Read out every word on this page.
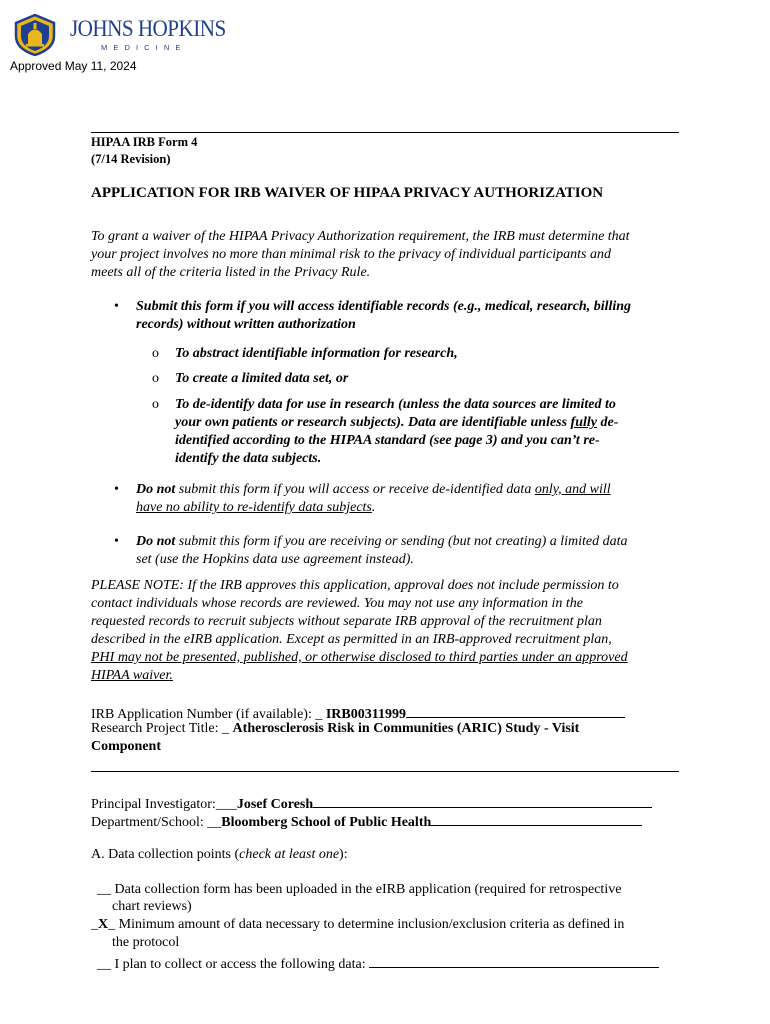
JOHNS HOPKINS
MEDICINE
Approved May 11, 2024
HIPAA IRB Form 4
(7/14 Revision)
APPLICATION FOR IRB WAIVER OF HIPAA PRIVACY AUTHORIZATION
To grant a waiver of the HIPAA Privacy Authorization requirement, the IRB must determine that
your project involves no more than minimal risk to the privacy of individual participants and
meets all of the criteria listed in the Privacy Rule.
• Submit this form if you will access identifiable records (e.g., medical, research, billing
records) without written authorization
o To abstract identifiable information for research,
o To create a limited data set, or
o To de-identify data for use in research (unless the data sources are limited to
your own patients or research subjects). Data are identifiable unless fully de-
identified according to the HIPAA standard (see page 3) and you can’t re-
identify the data subjects.
• Do not submit this form if you will access or receive de-identified data only, and will
have no ability to re-identify data subjects.
• Do not submit this form if you are receiving or sending (but not creating) a limited data
set (use the Hopkins data use agreement instead).
PLEASE NOTE: If the IRB approves this application, approval does not include permission to
contact individuals whose records are reviewed. You may not use any information in the
requested records to recruit subjects without separate IRB approval of the recruitment plan
described in the eIRB application. Except as permitted in an IRB-approved recruitment plan,
PHI may not be presented, published, or otherwise disclosed to third parties under an approved
HIPAA waiver.
IRB Application Number (if available): _ IRB00311999
Research Project Title: _ Atherosclerosis Risk in Communities (ARIC) Study - Visit
Component
Principal Investigator:___Josef Coresh
Department/School: __Bloomberg School of Public Health
A. Data collection points (check at least one):
__ Data collection form has been uploaded in the eIRB application (required for retrospective
chart reviews)
_X_ Minimum amount of data necessary to determine inclusion/exclusion criteria as defined in
the protocol
__ I plan to collect or access the following data:
